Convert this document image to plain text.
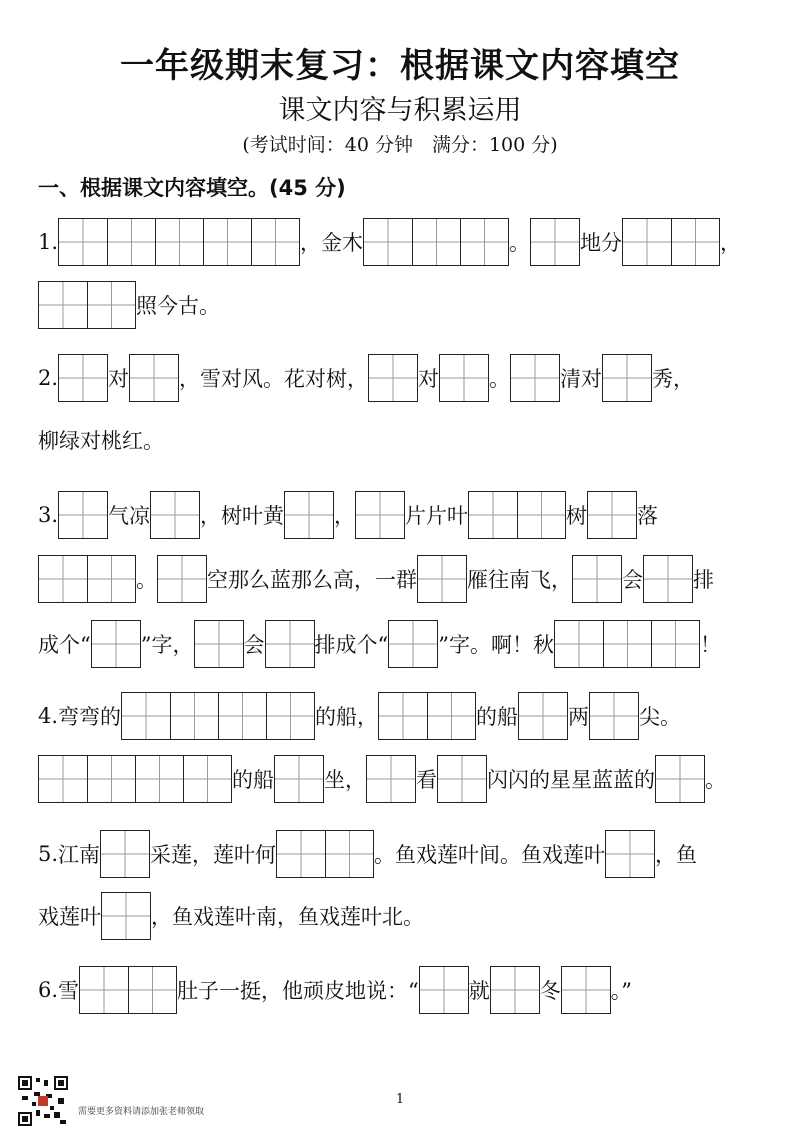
一年级期末复习：根据课文内容填空
课文内容与积累运用
(考试时间：40 分钟　满分：100 分)
一、根据课文内容填空。(45 分)
1.	，金木	。 地分	，
照今古。
2. 对 ，雪对风。花对树， 对 。 清对 秀，
柳绿对桃红。
3. 气凉 ，树叶黄 ， 片片叶	树 落
。 空那么蓝那么高，一群 雁往南飞， 会 排
成个“ ”字， 会 排成个“ ”字。啊！秋	！
4. 弯弯的	的船，	的船 两 尖。
的船 坐， 看 闪闪的星星蓝蓝的 。
5. 江南 采莲，莲叶何	。鱼戏莲叶间。鱼戏莲叶 ，鱼
戏莲叶 ，鱼戏莲叶南，鱼戏莲叶北。
6. 雪	肚子一挺，他顽皮地说：“ 就 冬 。”
需要更多资料请添加张老师领取
1
